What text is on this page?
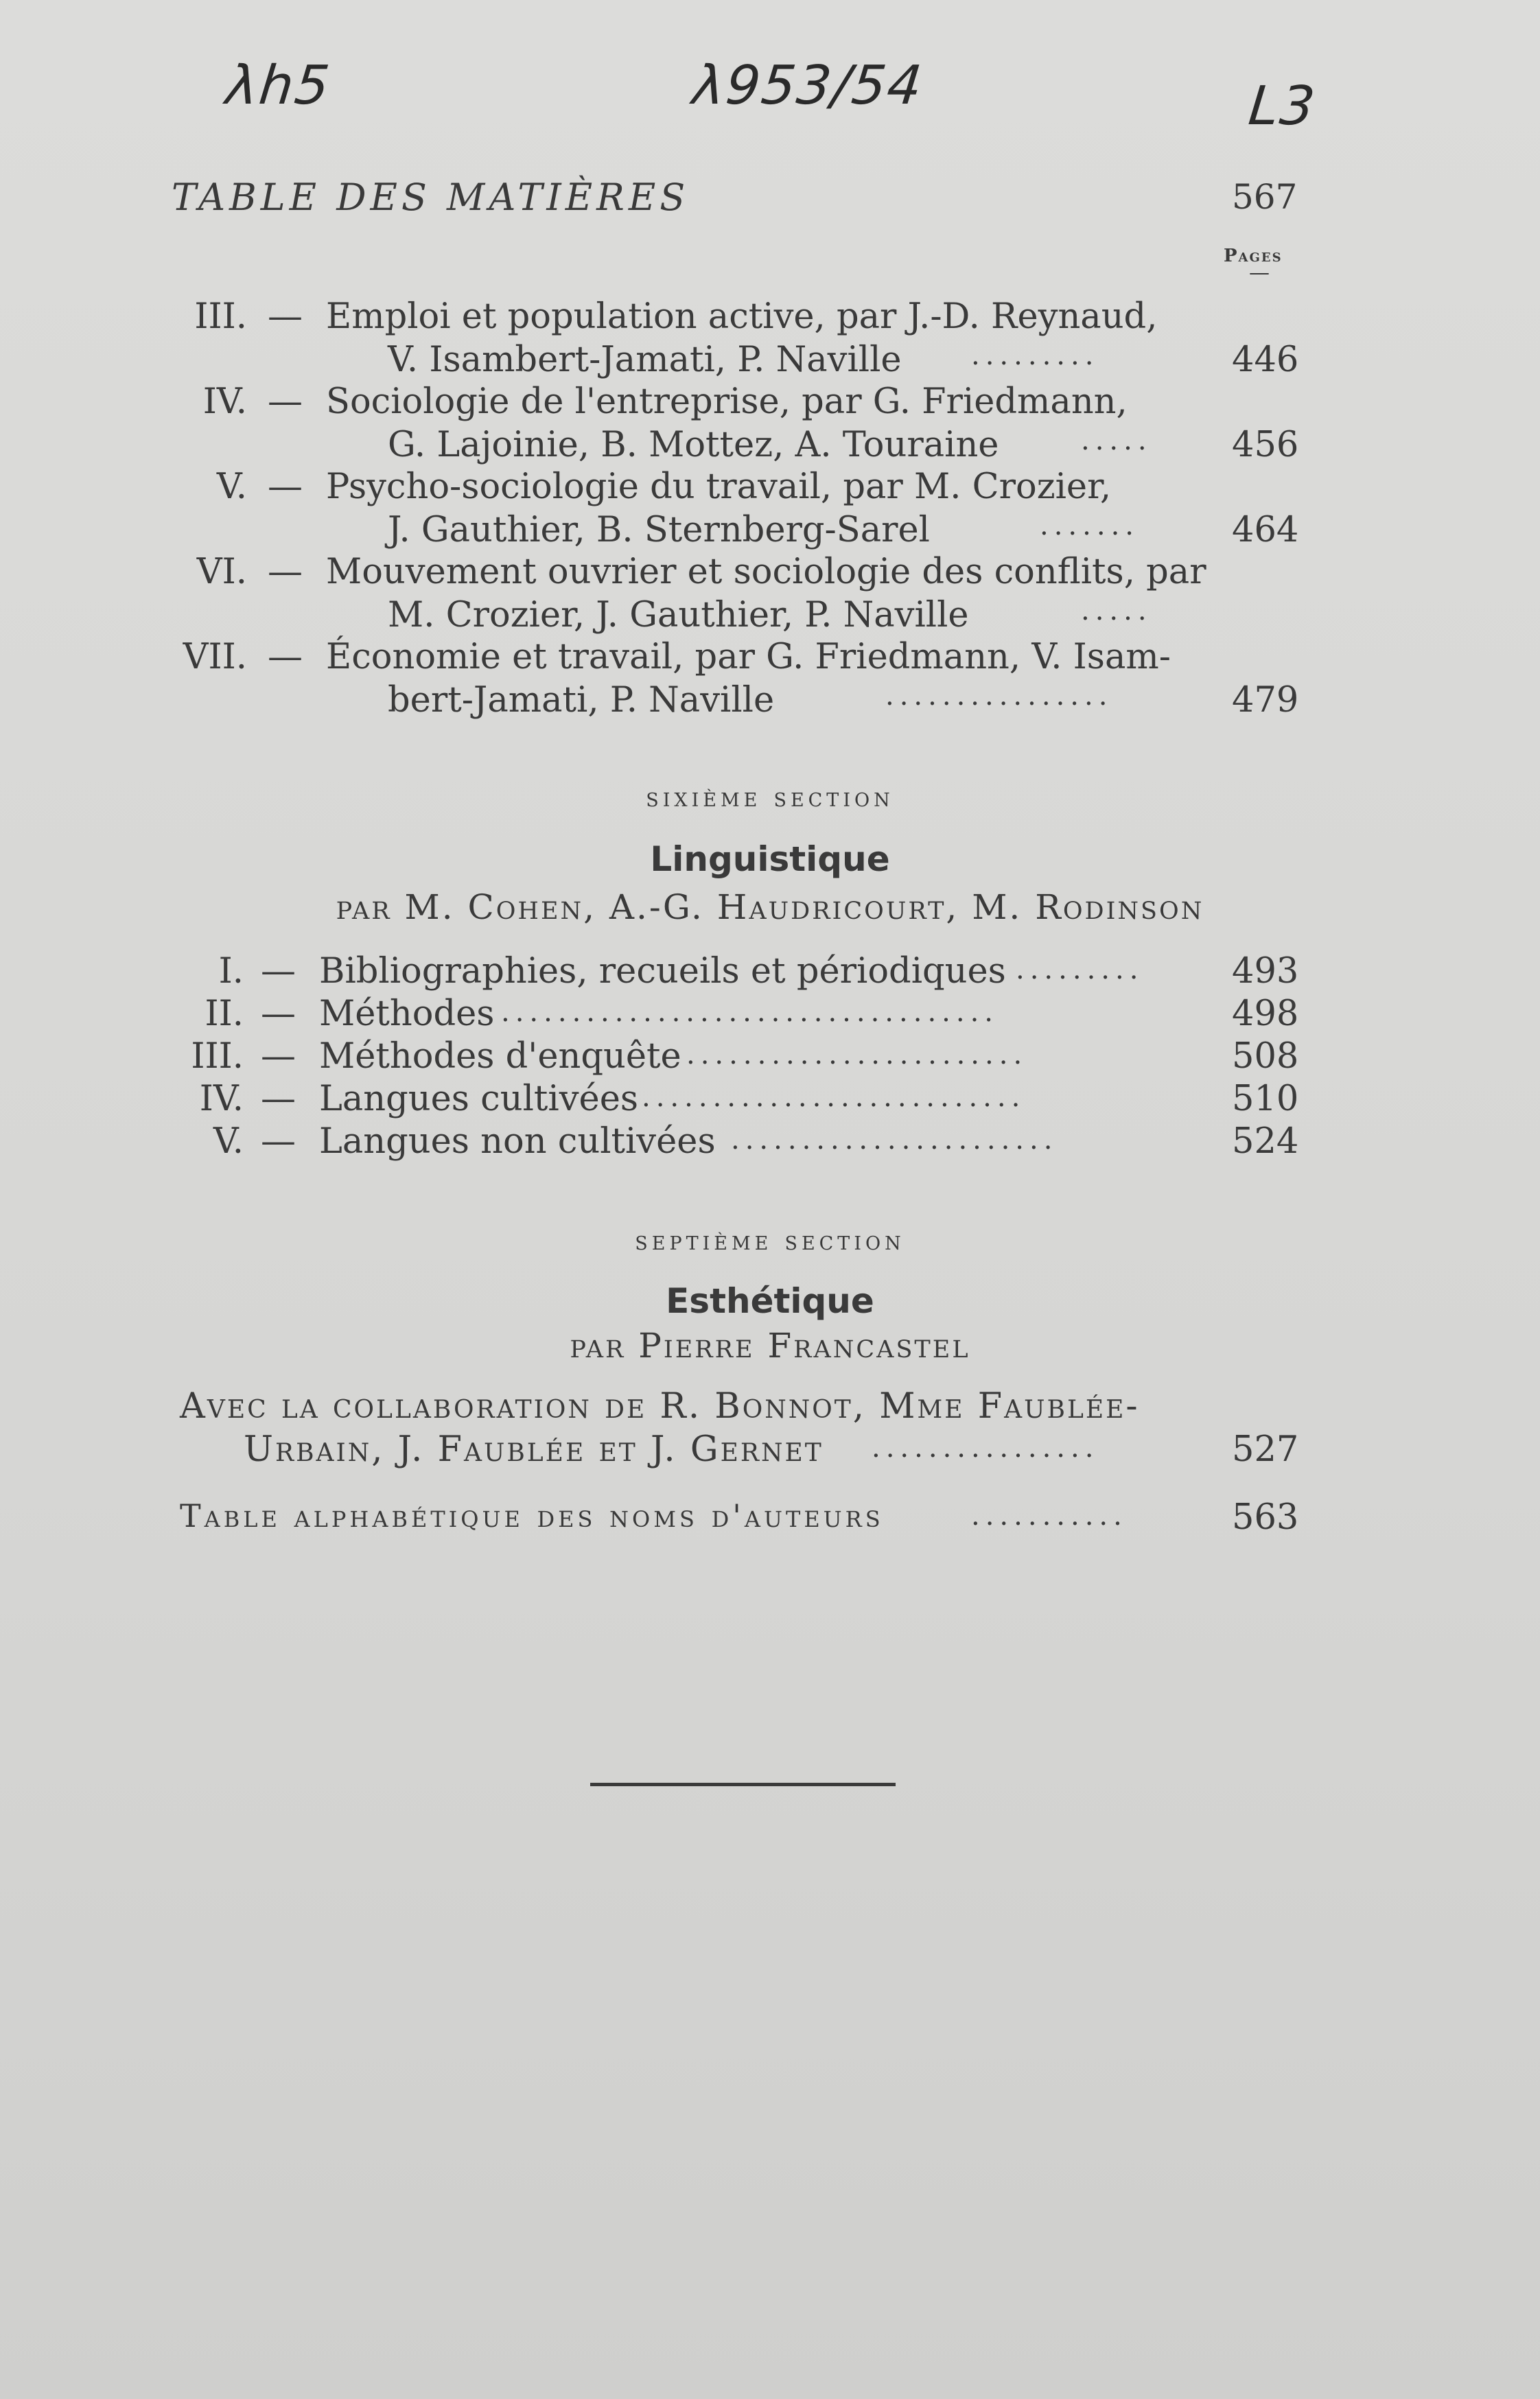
λh5	λ953/54	L3
TABLE DES MATIÈRES	567
Pages
—
III. — Emploi et population active, par J.-D. Reynaud,
V. Isambert-Jamati, P. Naville	.........	446
IV. — Sociologie de l'entreprise, par G. Friedmann,
G. Lajoinie, B. Mottez, A. Touraine	..... 456
V. — Psycho-sociologie du travail, par M. Crozier,
J. Gauthier, B. Sternberg-Sarel	.......	464
VI. — Mouvement ouvrier et sociologie des conflits, par
M. Crozier, J. Gauthier, P. Naville	.....
VII. — Économie et travail, par G. Friedmann, V. Isam-
bert-Jamati, P. Naville	................	479
sixième section
Linguistique
par M. Cohen, A.-G. Haudricourt, M. Rodinson
I. — Bibliographies, recueils et périodiques .........	493
II. — Méthodes ...................................	498
III. — Méthodes d'enquête ........................	508
IV. — Langues cultivées ...........................	510
V. — Langues non cultivées .......................	524
septième section
Esthétique
par Pierre Francastel
Avec la collaboration de R. Bonnot, Mme Faublée-
Urbain, J. Faublée et J. Gernet ................	527
Table alphabétique des noms d'auteurs	...........	563
